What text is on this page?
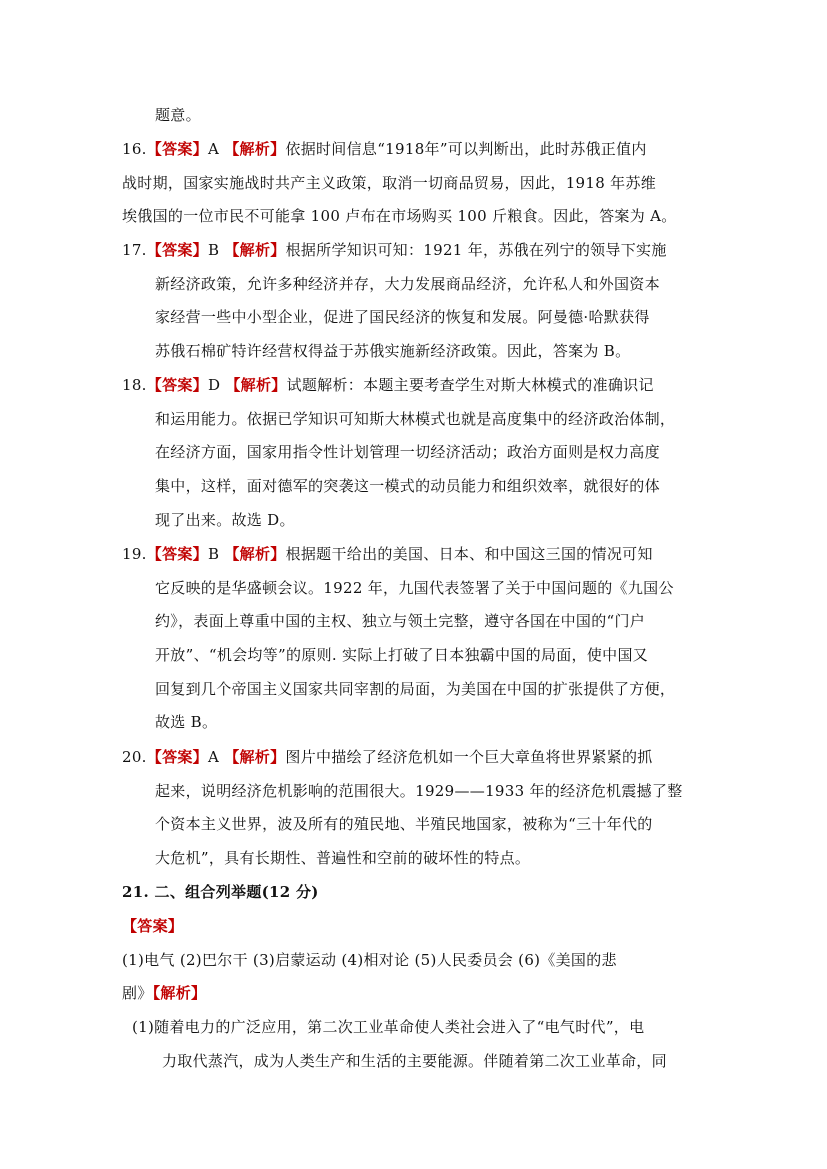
题意。
16.【答案】A 【解析】依据时间信息“1918年”可以判断出，此时苏俄正值内
战时期，国家实施战时共产主义政策，取消一切商品贸易，因此，1918 年苏维
埃俄国的一位市民不可能拿 100 卢布在市场购买 100 斤粮食。因此，答案为 A。
17.【答案】B 【解析】根据所学知识可知：1921 年，苏俄在列宁的领导下实施
新经济政策，允许多种经济并存，大力发展商品经济，允许私人和外国资本
家经营一些中小型企业，促进了国民经济的恢复和发展。阿曼德·哈默获得
苏俄石棉矿特许经营权得益于苏俄实施新经济政策。因此，答案为 B。
18.【答案】D 【解析】试题解析：本题主要考查学生对斯大林模式的准确识记
和运用能力。依据已学知识可知斯大林模式也就是高度集中的经济政治体制，
在经济方面，国家用指令性计划管理一切经济活动；政治方面则是权力高度
集中，这样，面对德军的突袭这一模式的动员能力和组织效率，就很好的体
现了出来。故选 D。
19.【答案】B 【解析】根据题干给出的美国、日本、和中国这三国的情况可知
它反映的是华盛顿会议。1922 年，九国代表签署了关于中国问题的《九国公
约》，表面上尊重中国的主权、独立与领土完整，遵守各国在中国的“门户
开放”、“机会均等”的原则. 实际上打破了日本独霸中国的局面，使中国又
回复到几个帝国主义国家共同宰割的局面，为美国在中国的扩张提供了方便，
故选 B。
20.【答案】A 【解析】图片中描绘了经济危机如一个巨大章鱼将世界紧紧的抓
起来，说明经济危机影响的范围很大。1929——1933 年的经济危机震撼了整
个资本主义世界，波及所有的殖民地、半殖民地国家，被称为“三十年代的
大危机”，具有长期性、普遍性和空前的破坏性的特点。
21. 二、组合列举题(12 分)
【答案】
(1)电气 (2)巴尔干 (3)启蒙运动 (4)相对论 (5)人民委员会 (6)《美国的悲
剧》【解析】
(1)随着电力的广泛应用，第二次工业革命使人类社会进入了“电气时代”，电
力取代蒸汽，成为人类生产和生活的主要能源。伴随着第二次工业革命，同
